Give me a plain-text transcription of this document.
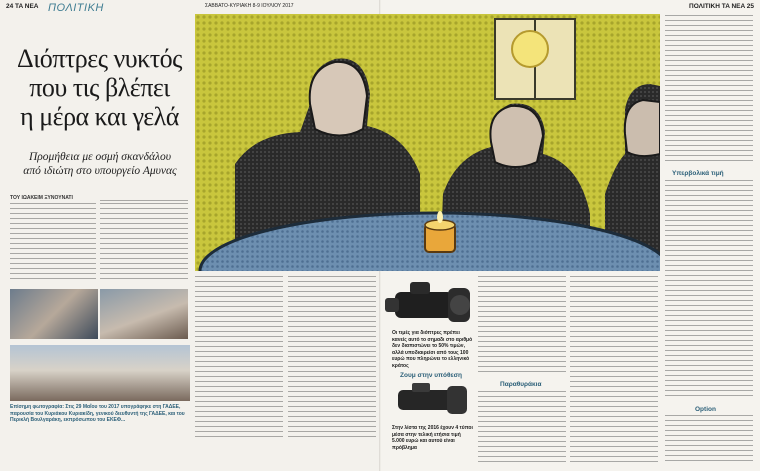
24 TA NEA ΠΟΛΙΤΙΚΗ
Διόπτρες νυκτός
που τις βλέπει
η μέρα και γελά
Προμήθεια με οσμή σκανδάλου
από ιδιώτη στο υπουργείο Αμυνας
ΤΟΥ ΙΩΑΚΕΙΜ ΞΥΝΟΥΝΑΤΙ
Επίσημη φωτογραφία: Στις 29 Μαΐου του 2017 υπογράφηκε στη ΓΑΔΕΕ, παρουσία του Κυριάκου Κυριακίδη, γενικού διευθυντή της ΓΑΔΕΕ, και του Περικλή Βουλγαράκη, εκπρόσωπου του ΕΚΕΦ...
ΠΟΛΙΤΙΚΗ TA NEA 25
Υπερβολικά τιμή
Option
Παραθυράκια
Ζουμ στην υπόθεση
Οι τιμές για διόπτρες πρέπει κανείς αυτό το σημαδι στο αριθμό δεν διαπιστώνει το 50% τιμών, αλλά υποδιαιρείσι από τους 100 ευρώ που πληρώνει το ελληνικό κράτος
Στην λίστα της 2016 έχουν 4 τύποι μέσα στην τελική ετήσια τιμή 5.000 ευρώ και αυτού είναι πρόβλημα
ΣΑΒΒΑΤΟ-ΚΥΡΙΑΚΗ 8-9 ΙΟΥΛΙΟΥ 2017
